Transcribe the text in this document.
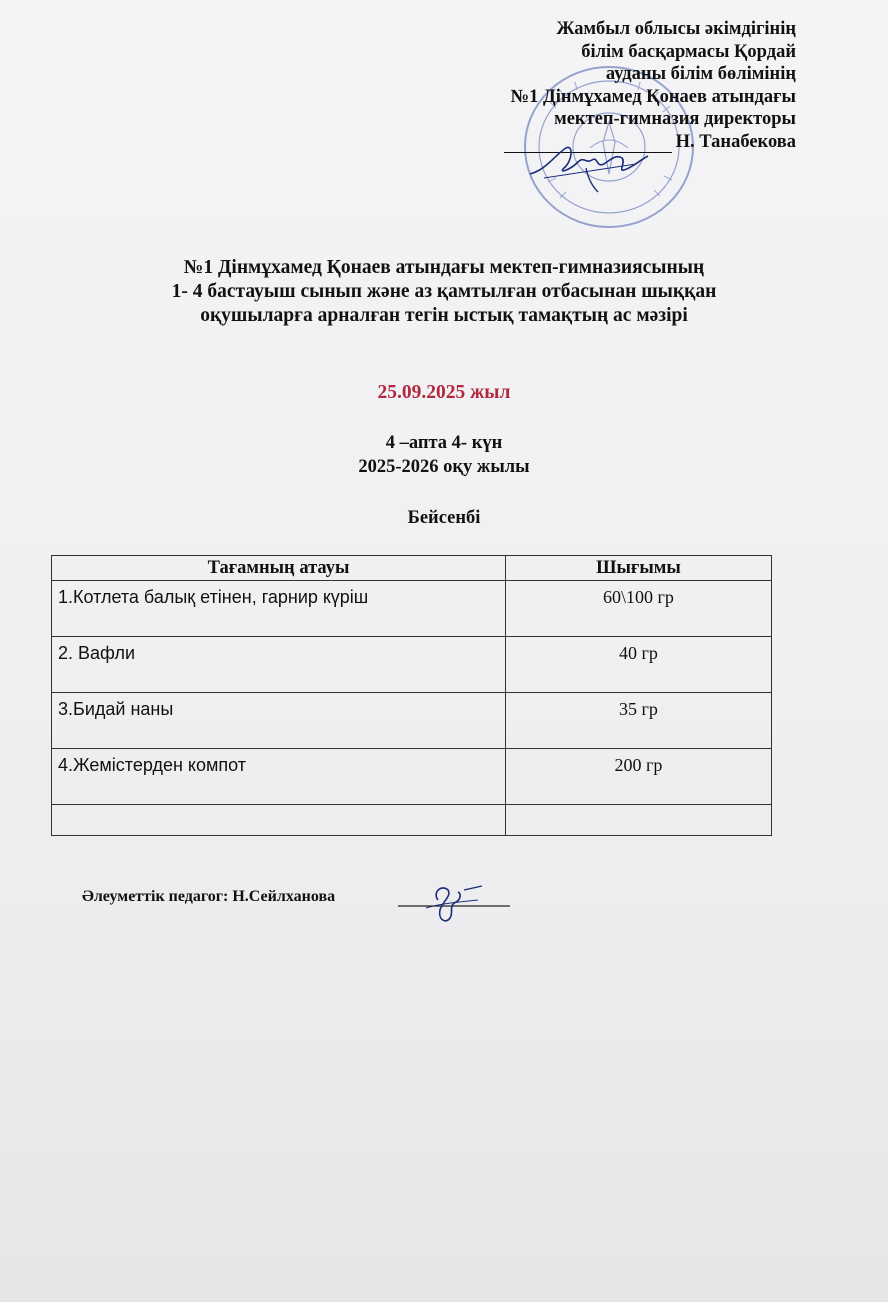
Жамбыл облысы әкімдігінің
білім басқармасы Қордай
ауданы білім бөлімінің
№1 Дінмұхамед Қонаев атындағы
мектеп-гимназия директоры
Н. Танабекова
№1 Дінмұхамед Қонаев атындағы мектеп-гимназиясының
1- 4 бастауыш сынып және аз қамтылған отбасынан шыққан
оқушыларға арналған тегін ыстық тамақтың ас мәзірі
25.09.2025 жыл
4 –апта 4- күн
2025-2026 оқу жылы
Бейсенбі
Тағамның атауы	Шығымы
1.Котлета балық етінен, гарнир күріш	60\100 гр
2. Вафли	40 гр
3.Бидай наны	35 гр
4.Жемістерден компот	200 гр

Әлеуметтік педагог: Н.Сейлханова
